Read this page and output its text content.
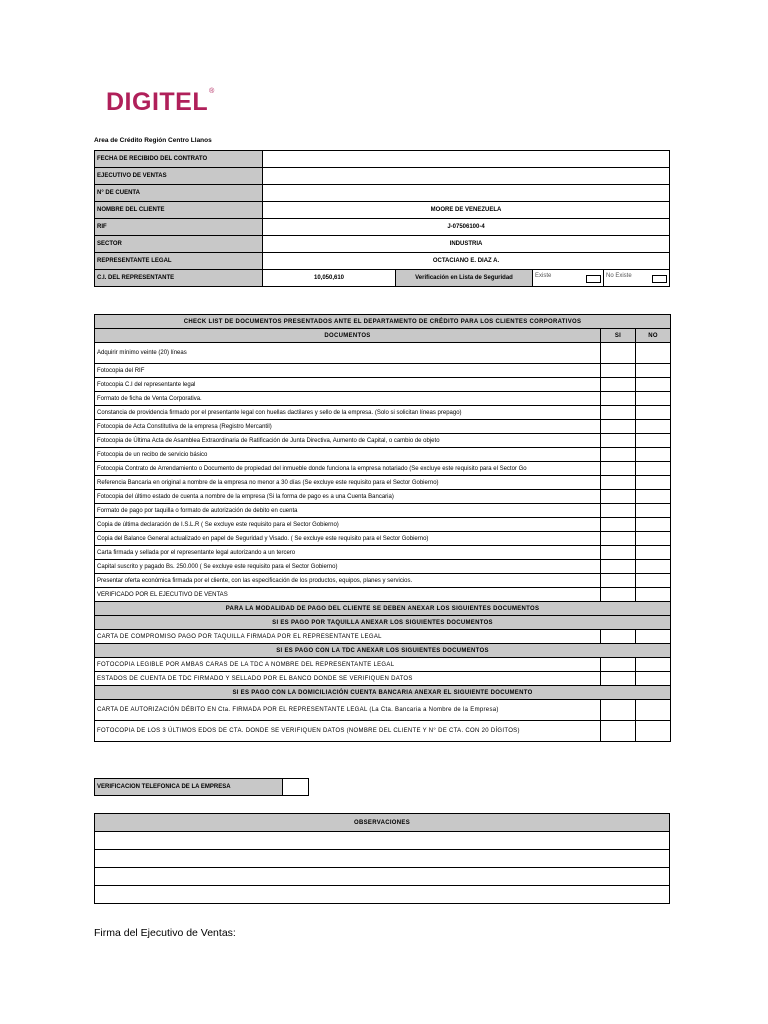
DIGITEL®
Area de Crédito Región Centro Llanos
FECHA DE RECIBIDO DEL CONTRATO				
EJECUTIVO DE VENTAS				
N° DE CUENTA				
NOMBRE DEL CLIENTE	MOORE DE VENEZUELA			
RIF	J-07506100-4			
SECTOR	INDUSTRIA			
REPRESENTANTE LEGAL	OCTACIANO E. DIAZ A.			
C.I. DEL REPRESENTANTE	10,050,610	Verificación en Lista de Seguridad	Existe	No Existe
CHECK LIST DE DOCUMENTOS PRESENTADOS ANTE EL DEPARTAMENTO DE CRÉDITO PARA LOS CLIENTES CORPORATIVOS		
DOCUMENTOS	SI	NO
Adquirir mínimo veinte (20) líneas		
Fotocopia del RIF		
Fotocopia C.I del representante legal		
Formato de ficha de Venta Corporativa.		
Constancia de providencia firmado por el presentante legal con huellas dactilares y sello de la empresa. (Solo si solicitan líneas prepago)		
Fotocopia de Acta Constitutiva de la empresa (Registro Mercantil)		
Fotocopia de Última Acta de Asamblea Extraordinaria de Ratificación de Junta Directiva, Aumento de Capital, o cambio de objeto		
Fotocopia de un recibo de servicio básico		
Fotocopia Contrato de Arrendamiento o Documento de propiedad del inmueble donde funciona la empresa notariado (Se excluye este requisito para el Sector Go		
Referencia Bancaria en original a nombre de la empresa no menor a 30 días (Se excluye este requisito para el Sector Gobierno)		
Fotocopia del último estado de cuenta a nombre de la empresa (Si la forma de pago es a una Cuenta Bancaria)		
Formato de pago por taquilla o formato de autorización de debito en cuenta		
Copia de última declaración de I.S.L.R ( Se excluye este requisito para el Sector Gobierno)		
Copia del Balance General actualizado en papel de Seguridad y Visado. ( Se excluye este requisito para el Sector Gobierno)		
Carta firmada y sellada por el representante legal autorizando a un tercero		
Capital suscrito y pagado Bs. 250.000 ( Se excluye este requisito para el Sector Gobierno)		
Presentar oferta económica firmada por el cliente, con las especificación de los productos, equipos, planes y servicios.		
VERIFICADO POR EL EJECUTIVO DE VENTAS		
PARA LA MODALIDAD DE PAGO DEL CLIENTE SE DEBEN ANEXAR LOS SIGUIENTES DOCUMENTOS		
SI ES PAGO POR TAQUILLA ANEXAR LOS SIGUIENTES DOCUMENTOS		
CARTA DE COMPROMISO PAGO POR TAQUILLA FIRMADA POR EL REPRESENTANTE LEGAL		
SI ES PAGO CON LA TDC ANEXAR LOS SIGUIENTES DOCUMENTOS		
FOTOCOPIA LEGIBLE POR AMBAS CARAS DE LA TDC A NOMBRE DEL REPRESENTANTE LEGAL		
ESTADOS DE CUENTA DE TDC FIRMADO Y SELLADO POR EL BANCO DONDE SE VERIFIQUEN DATOS		
SI ES PAGO CON LA DOMICILIACIÓN CUENTA BANCARIA ANEXAR EL SIGUIENTE DOCUMENTO		
CARTA DE AUTORIZACIÓN DÉBITO EN Cta. FIRMADA POR EL REPRESENTANTE LEGAL (La Cta. Bancaria a Nombre de la Empresa)		
FOTOCOPIA DE LOS 3 ÚLTIMOS EDOS DE CTA. DONDE SE VERIFIQUEN DATOS (NOMBRE DEL CLIENTE Y N° DE CTA. CON 20 DÍGITOS)		
VERIFICACION TELEFONICA DE LA EMPRESA	
OBSERVACIONES

Firma del Ejecutivo de Ventas:
